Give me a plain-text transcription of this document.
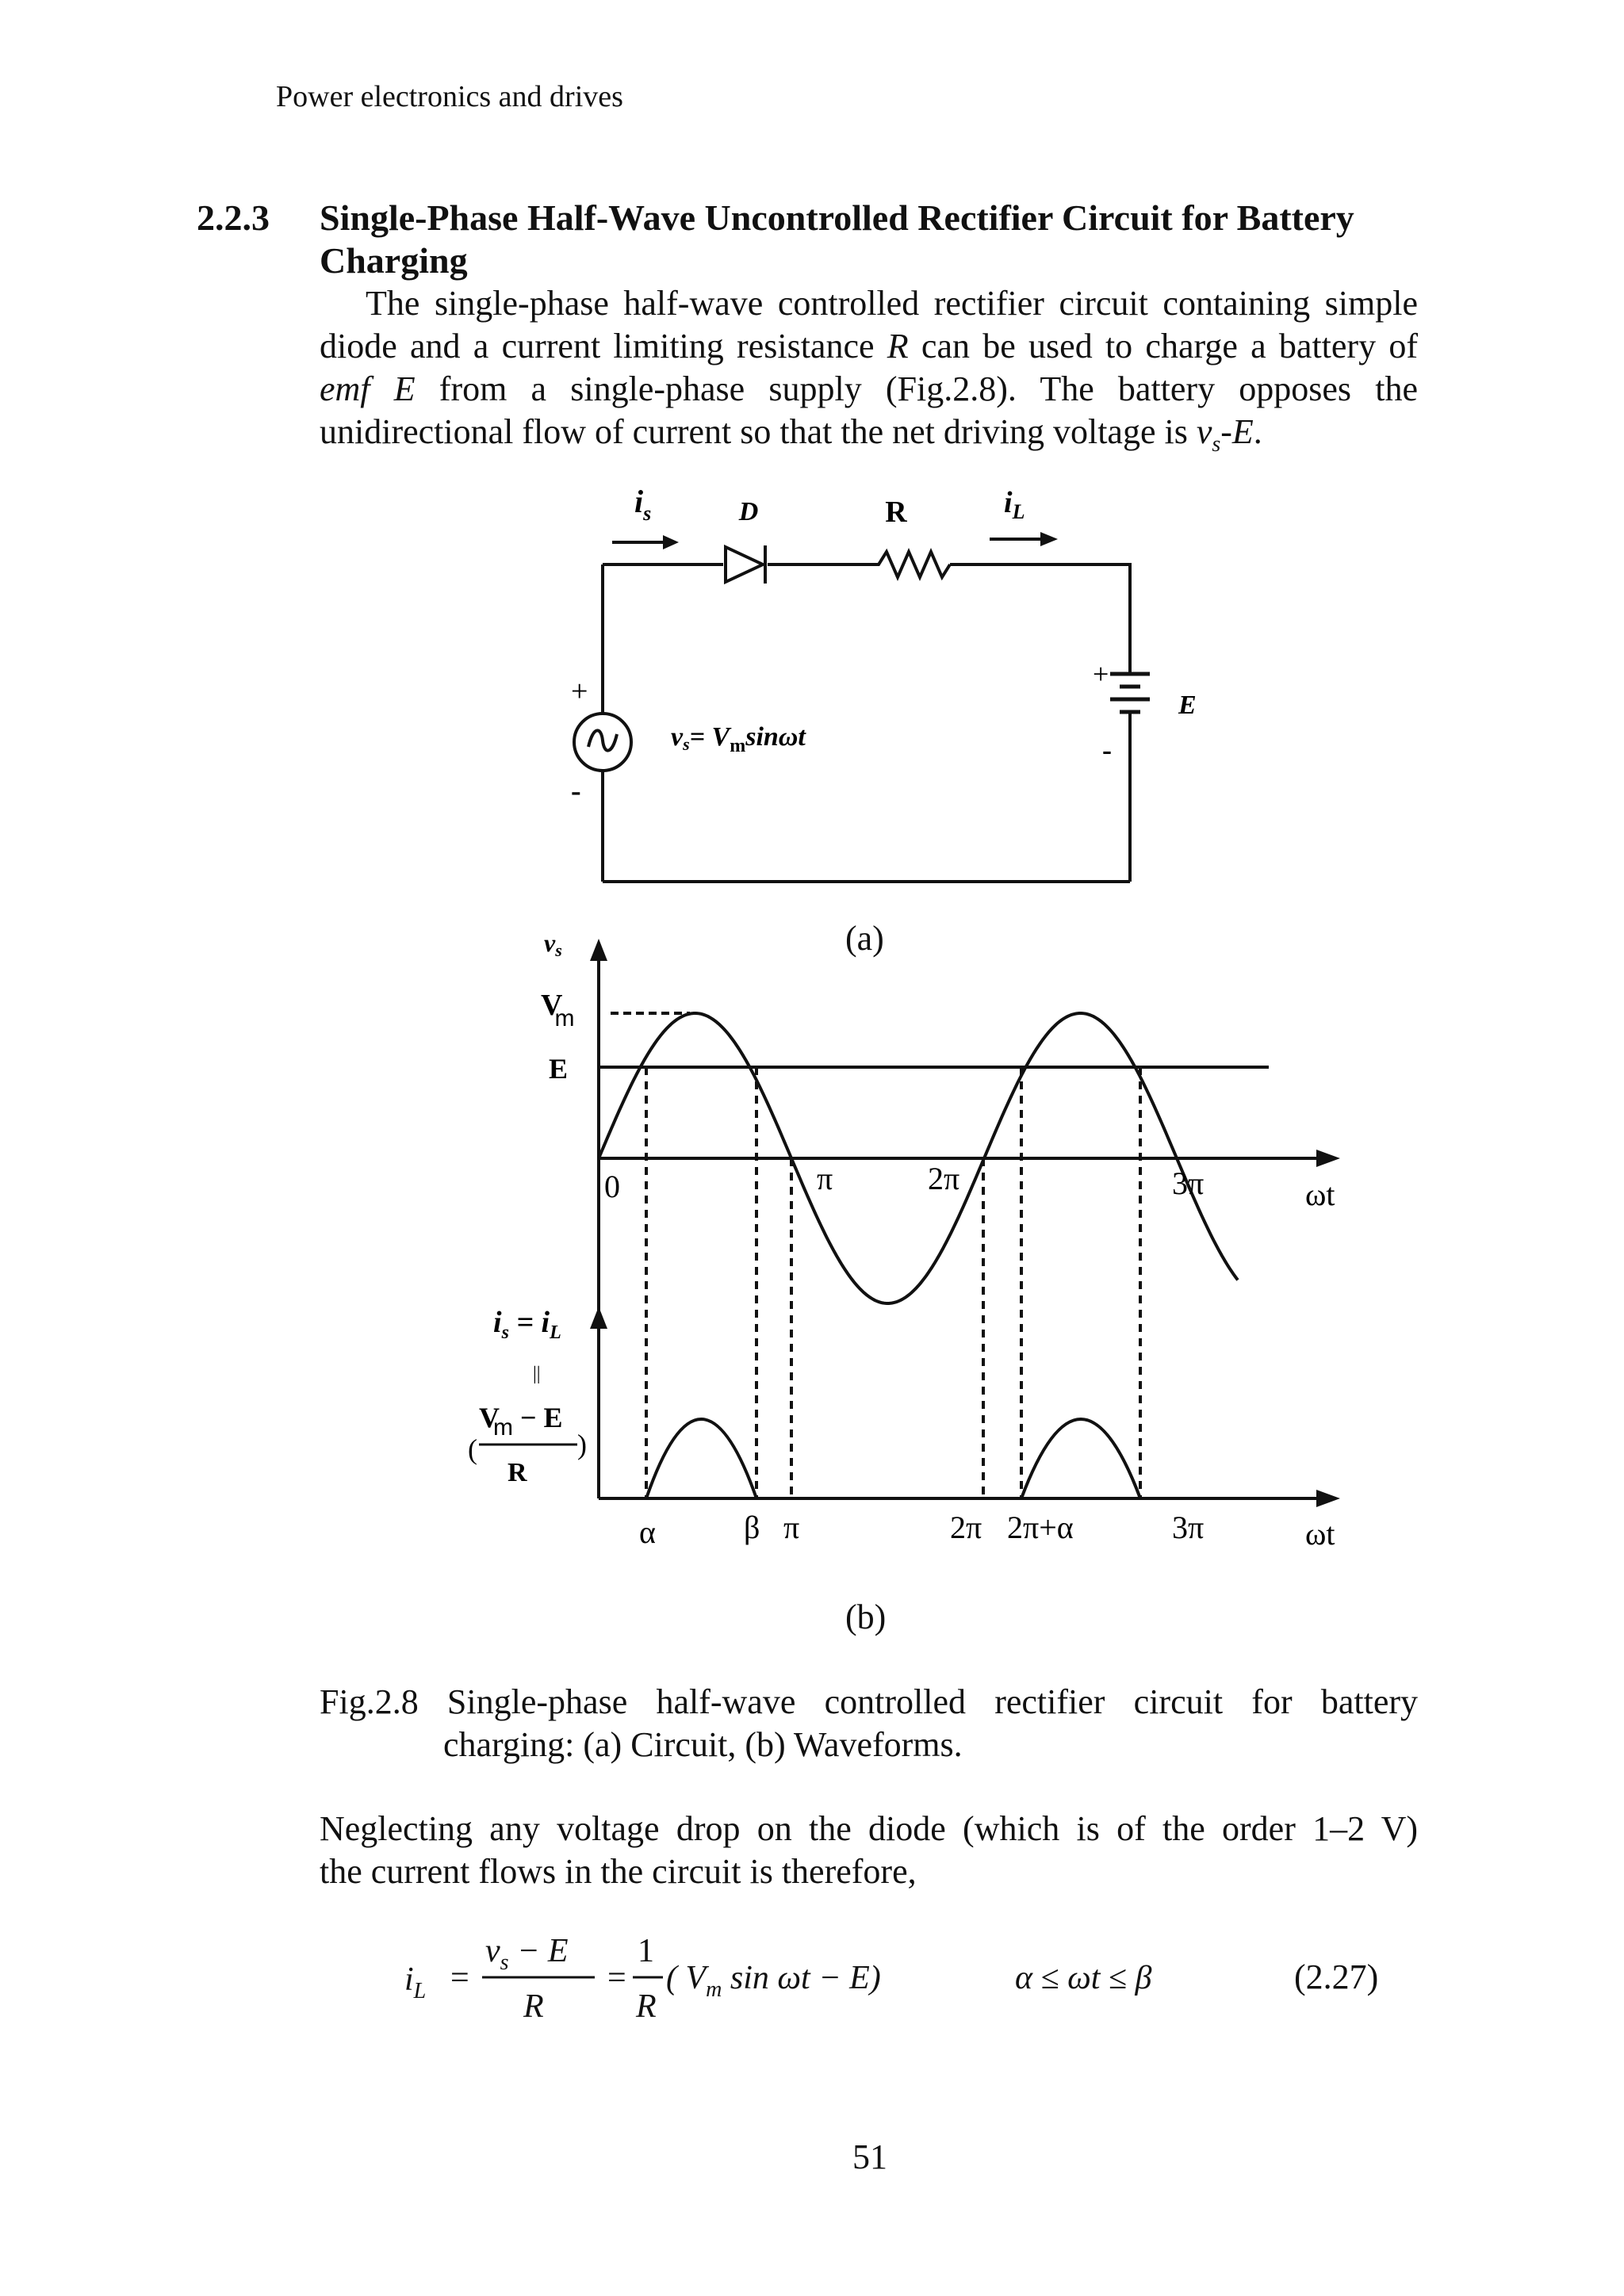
Power electronics and drives
2.2.3 Single-Phase Half-Wave Uncontrolled Rectifier Circuit for Battery Charging
The single-phase half-wave controlled rectifier circuit containing simple diode and a current limiting resistance R can be used to charge a battery of emf E from a single-phase supply (Fig.2.8). The battery opposes the unidirectional flow of current so that the net driving voltage is $v_s-E$.
$i_s$	D	R	$i_L$
+
-
$vs= V_m\sin\omega t$
+
-
E
(a)
vs
Vm
E
0	π	2π	3π	ωt
$i_s = i_L$
||
Vm − E
(	)
R
α	β π	2π 2π+α	3π	ωt
(b)
Fig.2.8 Single-phase half-wave controlled rectifier circuit for battery
charging: (a) Circuit, (b) Waveforms.
Neglecting any voltage drop on the diode (which is of the order 1–2 V)
the current flows in the circuit is therefore,
$i_L$ =
$v_s - E$
R
=
1
R
( $V_m$ sin ωt − E)	α ≤ ωt ≤ β	(2.27)
51
